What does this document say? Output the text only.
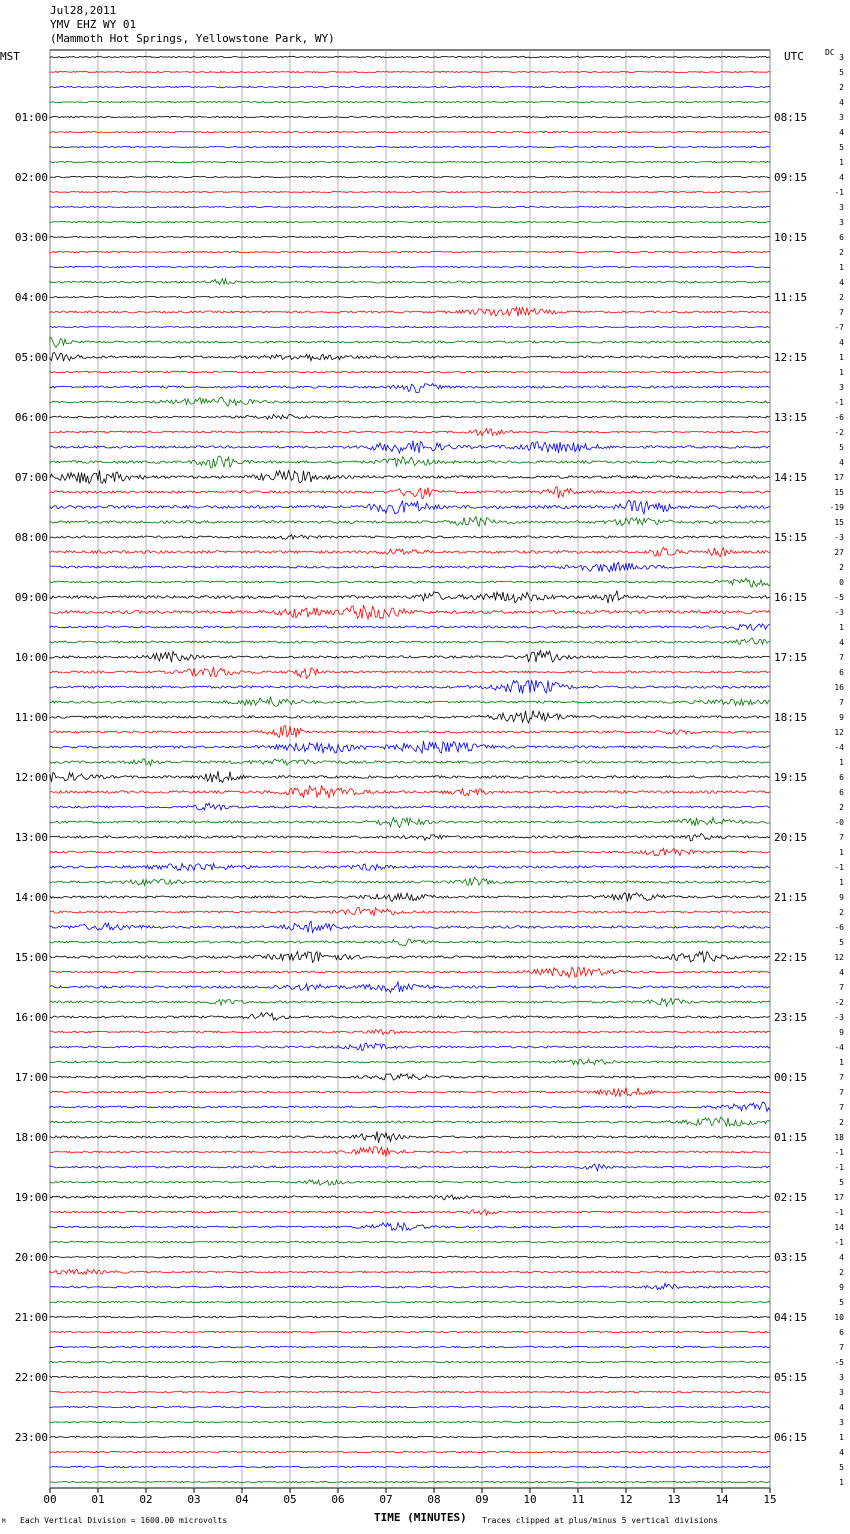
Jul28,2011
YMV EHZ WY 01
(Mammoth Hot Springs, Yellowstone Park, WY)
MST	UTC	DC
00	01	02	03	04	05	06	07	08	09	10	11	12	13	14	15
3
5
2
4
3
4
5
1
4
-1
3
3
6
2
1
4
2
7
-7
4
1
1
3
-1
-6
-2
5
4
17
15
-19
15
-3
27
2
0
-5
-3
1
4
7
6
16
7
9
12
-4
1
6
6
2
-0
7
1
-1
1
9
2
-6
5
12
4
7
-2
-3
9
-4
1
7
7
7
2
18
-1
-1
5
17
-1
14
-1
4
2
9
5
10
6
7
-5
3
3
4
3
1
4
5
1
01:00
02:00
03:00
04:00
05:00
06:00
07:00
08:00
09:00
10:00
11:00
12:00
13:00
14:00
15:00
16:00
17:00
18:00
19:00
20:00
21:00
22:00
23:00
08:15
09:15
10:15
11:15
12:15
13:15
14:15
15:15
16:15
17:15
18:15
19:15
20:15
21:15
22:15
23:15
00:15
01:15
02:15
03:15
04:15
05:15
06:15
TIME (MINUTES)
Each Vertical Division = 1600.00 microvolts	Traces clipped at plus/minus 5 vertical divisions
M
